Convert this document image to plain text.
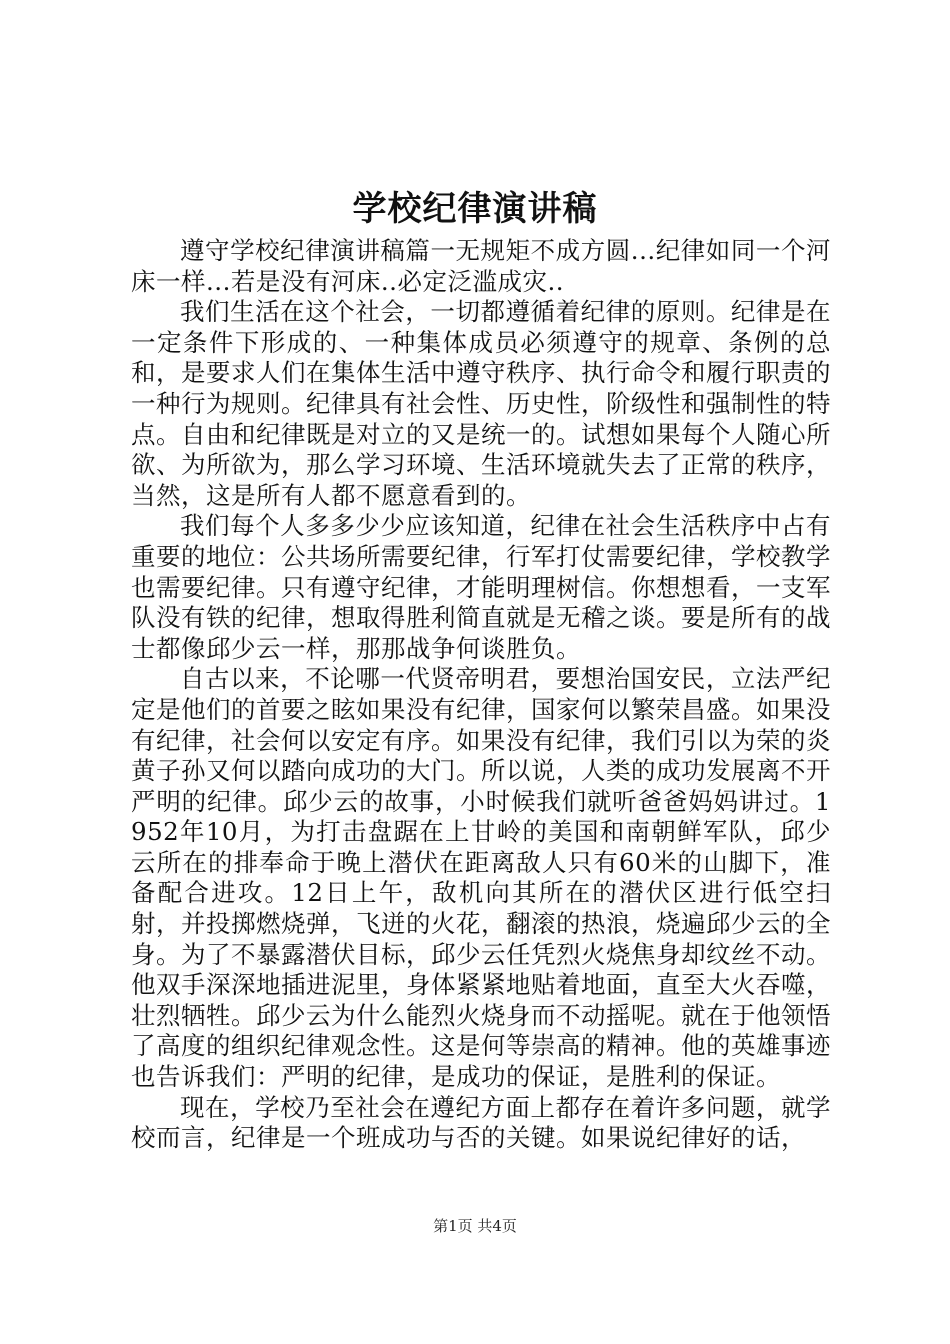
学校纪律演讲稿

遵守学校纪律演讲稿篇一无规矩不成方圆...纪律如同一个河床一样...若是没有河床..必定泛滥成灾..

我们生活在这个社会，一切都遵循着纪律的原则。纪律是在一定条件下形成的、一种集体成员必须遵守的规章、条例的总和，是要求人们在集体生活中遵守秩序、执行命令和履行职责的一种行为规则。纪律具有社会性、历史性，阶级性和强制性的特点。自由和纪律既是对立的又是统一的。试想如果每个人随心所欲、为所欲为，那么学习环境、生活环境就失去了正常的秩序，当然，这是所有人都不愿意看到的。

我们每个人多多少少应该知道，纪律在社会生活秩序中占有重要的地位：公共场所需要纪律，行军打仗需要纪律，学校教学也需要纪律。只有遵守纪律，才能明理树信。你想想看，一支军队没有铁的纪律，想取得胜利简直就是无稽之谈。要是所有的战士都像邱少云一样，那那战争何谈胜负。

自古以来，不论哪一代贤帝明君，要想治国安民，立法严纪定是他们的首要之眩如果没有纪律，国家何以繁荣昌盛。如果没有纪律，社会何以安定有序。如果没有纪律，我们引以为荣的炎黄子孙又何以踏向成功的大门。所以说，人类的成功发展离不开严明的纪律。邱少云的故事，小时候我们就听爸爸妈妈讲过。1952年10月，为打击盘踞在上甘岭的美国和南朝鲜军队，邱少云所在的排奉命于晚上潜伏在距离敌人只有60米的山脚下，准备配合进攻。12日上午，敌机向其所在的潜伏区进行低空扫射，并投掷燃烧弹，飞迸的火花，翻滚的热浪，烧遍邱少云的全身。为了不暴露潜伏目标，邱少云任凭烈火烧焦身却纹丝不动。他双手深深地插进泥里，身体紧紧地贴着地面，直至大火吞噬，壮烈牺牲。邱少云为什么能烈火烧身而不动摇呢。就在于他领悟了高度的组织纪律观念性。这是何等崇高的精神。他的英雄事迹也告诉我们：严明的纪律，是成功的保证，是胜利的保证。

现在，学校乃至社会在遵纪方面上都存在着许多问题，就学校而言，纪律是一个班成功与否的关键。如果说纪律好的话，

第1页 共4页
